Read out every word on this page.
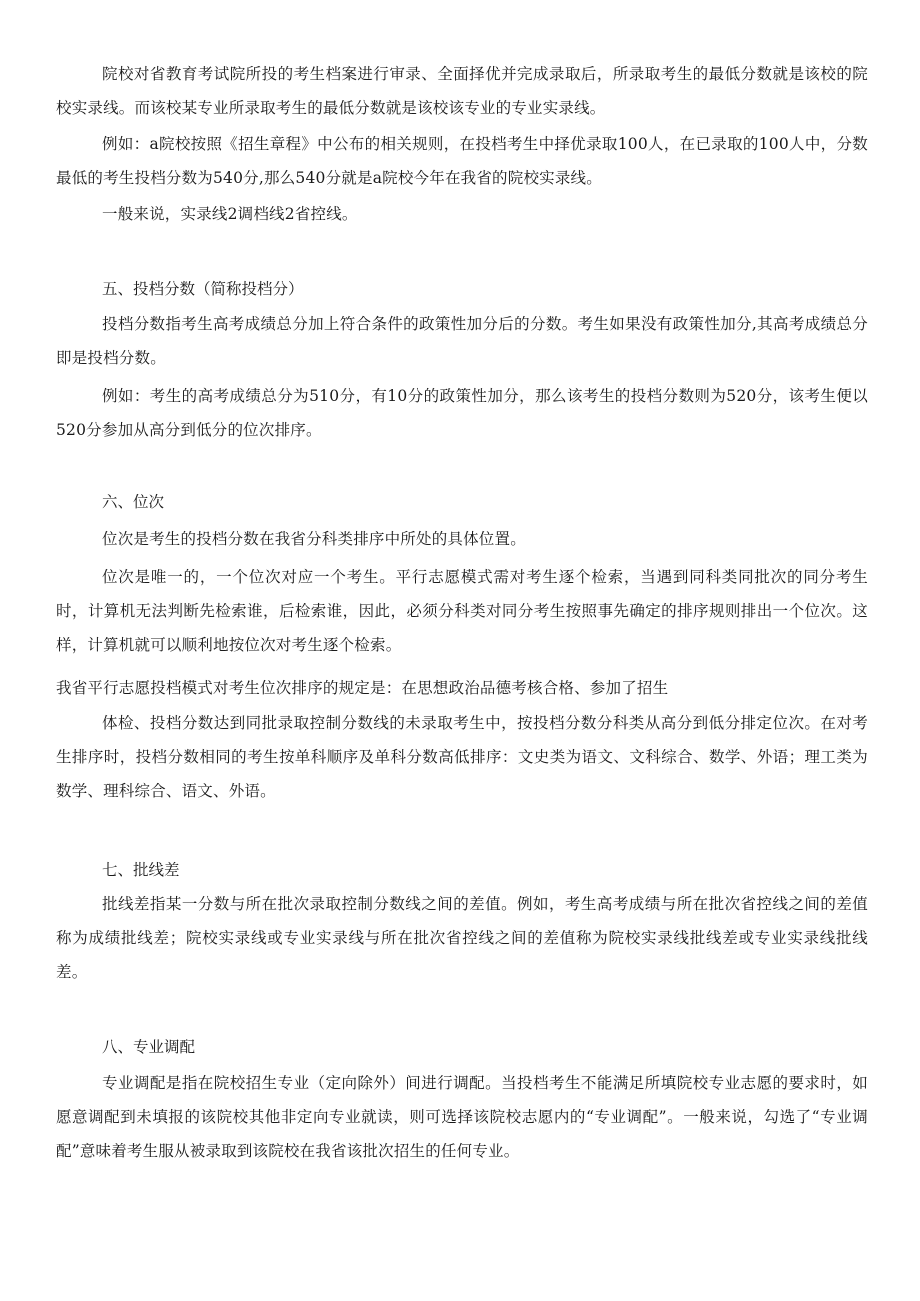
院校对省教育考试院所投的考生档案进行审录、全面择优并完成录取后，所录取考生的最低分数就是该校的院校实录线。而该校某专业所录取考生的最低分数就是该校该专业的专业实录线。

例如：a院校按照《招生章程》中公布的相关规则，在投档考生中择优录取100人，在已录取的100人中，分数最低的考生投档分数为540分,那么540分就是a院校今年在我省的院校实录线。

一般来说，实录线2调档线2省控线。

五、投档分数（简称投档分）

投档分数指考生高考成绩总分加上符合条件的政策性加分后的分数。考生如果没有政策性加分,其高考成绩总分即是投档分数。

例如：考生的高考成绩总分为510分，有10分的政策性加分，那么该考生的投档分数则为520分，该考生便以520分参加从高分到低分的位次排序。

六、位次

位次是考生的投档分数在我省分科类排序中所处的具体位置。

位次是唯一的，一个位次对应一个考生。平行志愿模式需对考生逐个检索，当遇到同科类同批次的同分考生时，计算机无法判断先检索谁，后检索谁，因此，必须分科类对同分考生按照事先确定的排序规则排出一个位次。这样，计算机就可以顺利地按位次对考生逐个检索。

我省平行志愿投档模式对考生位次排序的规定是：在思想政治品德考核合格、参加了招生

体检、投档分数达到同批录取控制分数线的未录取考生中，按投档分数分科类从高分到低分排定位次。在对考生排序时，投档分数相同的考生按单科顺序及单科分数高低排序：文史类为语文、文科综合、数学、外语；理工类为数学、理科综合、语文、外语。

七、批线差

批线差指某一分数与所在批次录取控制分数线之间的差值。例如，考生高考成绩与所在批次省控线之间的差值称为成绩批线差；院校实录线或专业实录线与所在批次省控线之间的差值称为院校实录线批线差或专业实录线批线差。

八、专业调配

专业调配是指在院校招生专业（定向除外）间进行调配。当投档考生不能满足所填院校专业志愿的要求时，如愿意调配到未填报的该院校其他非定向专业就读，则可选择该院校志愿内的“专业调配”。一般来说，勾选了“专业调配”意味着考生服从被录取到该院校在我省该批次招生的任何专业。
